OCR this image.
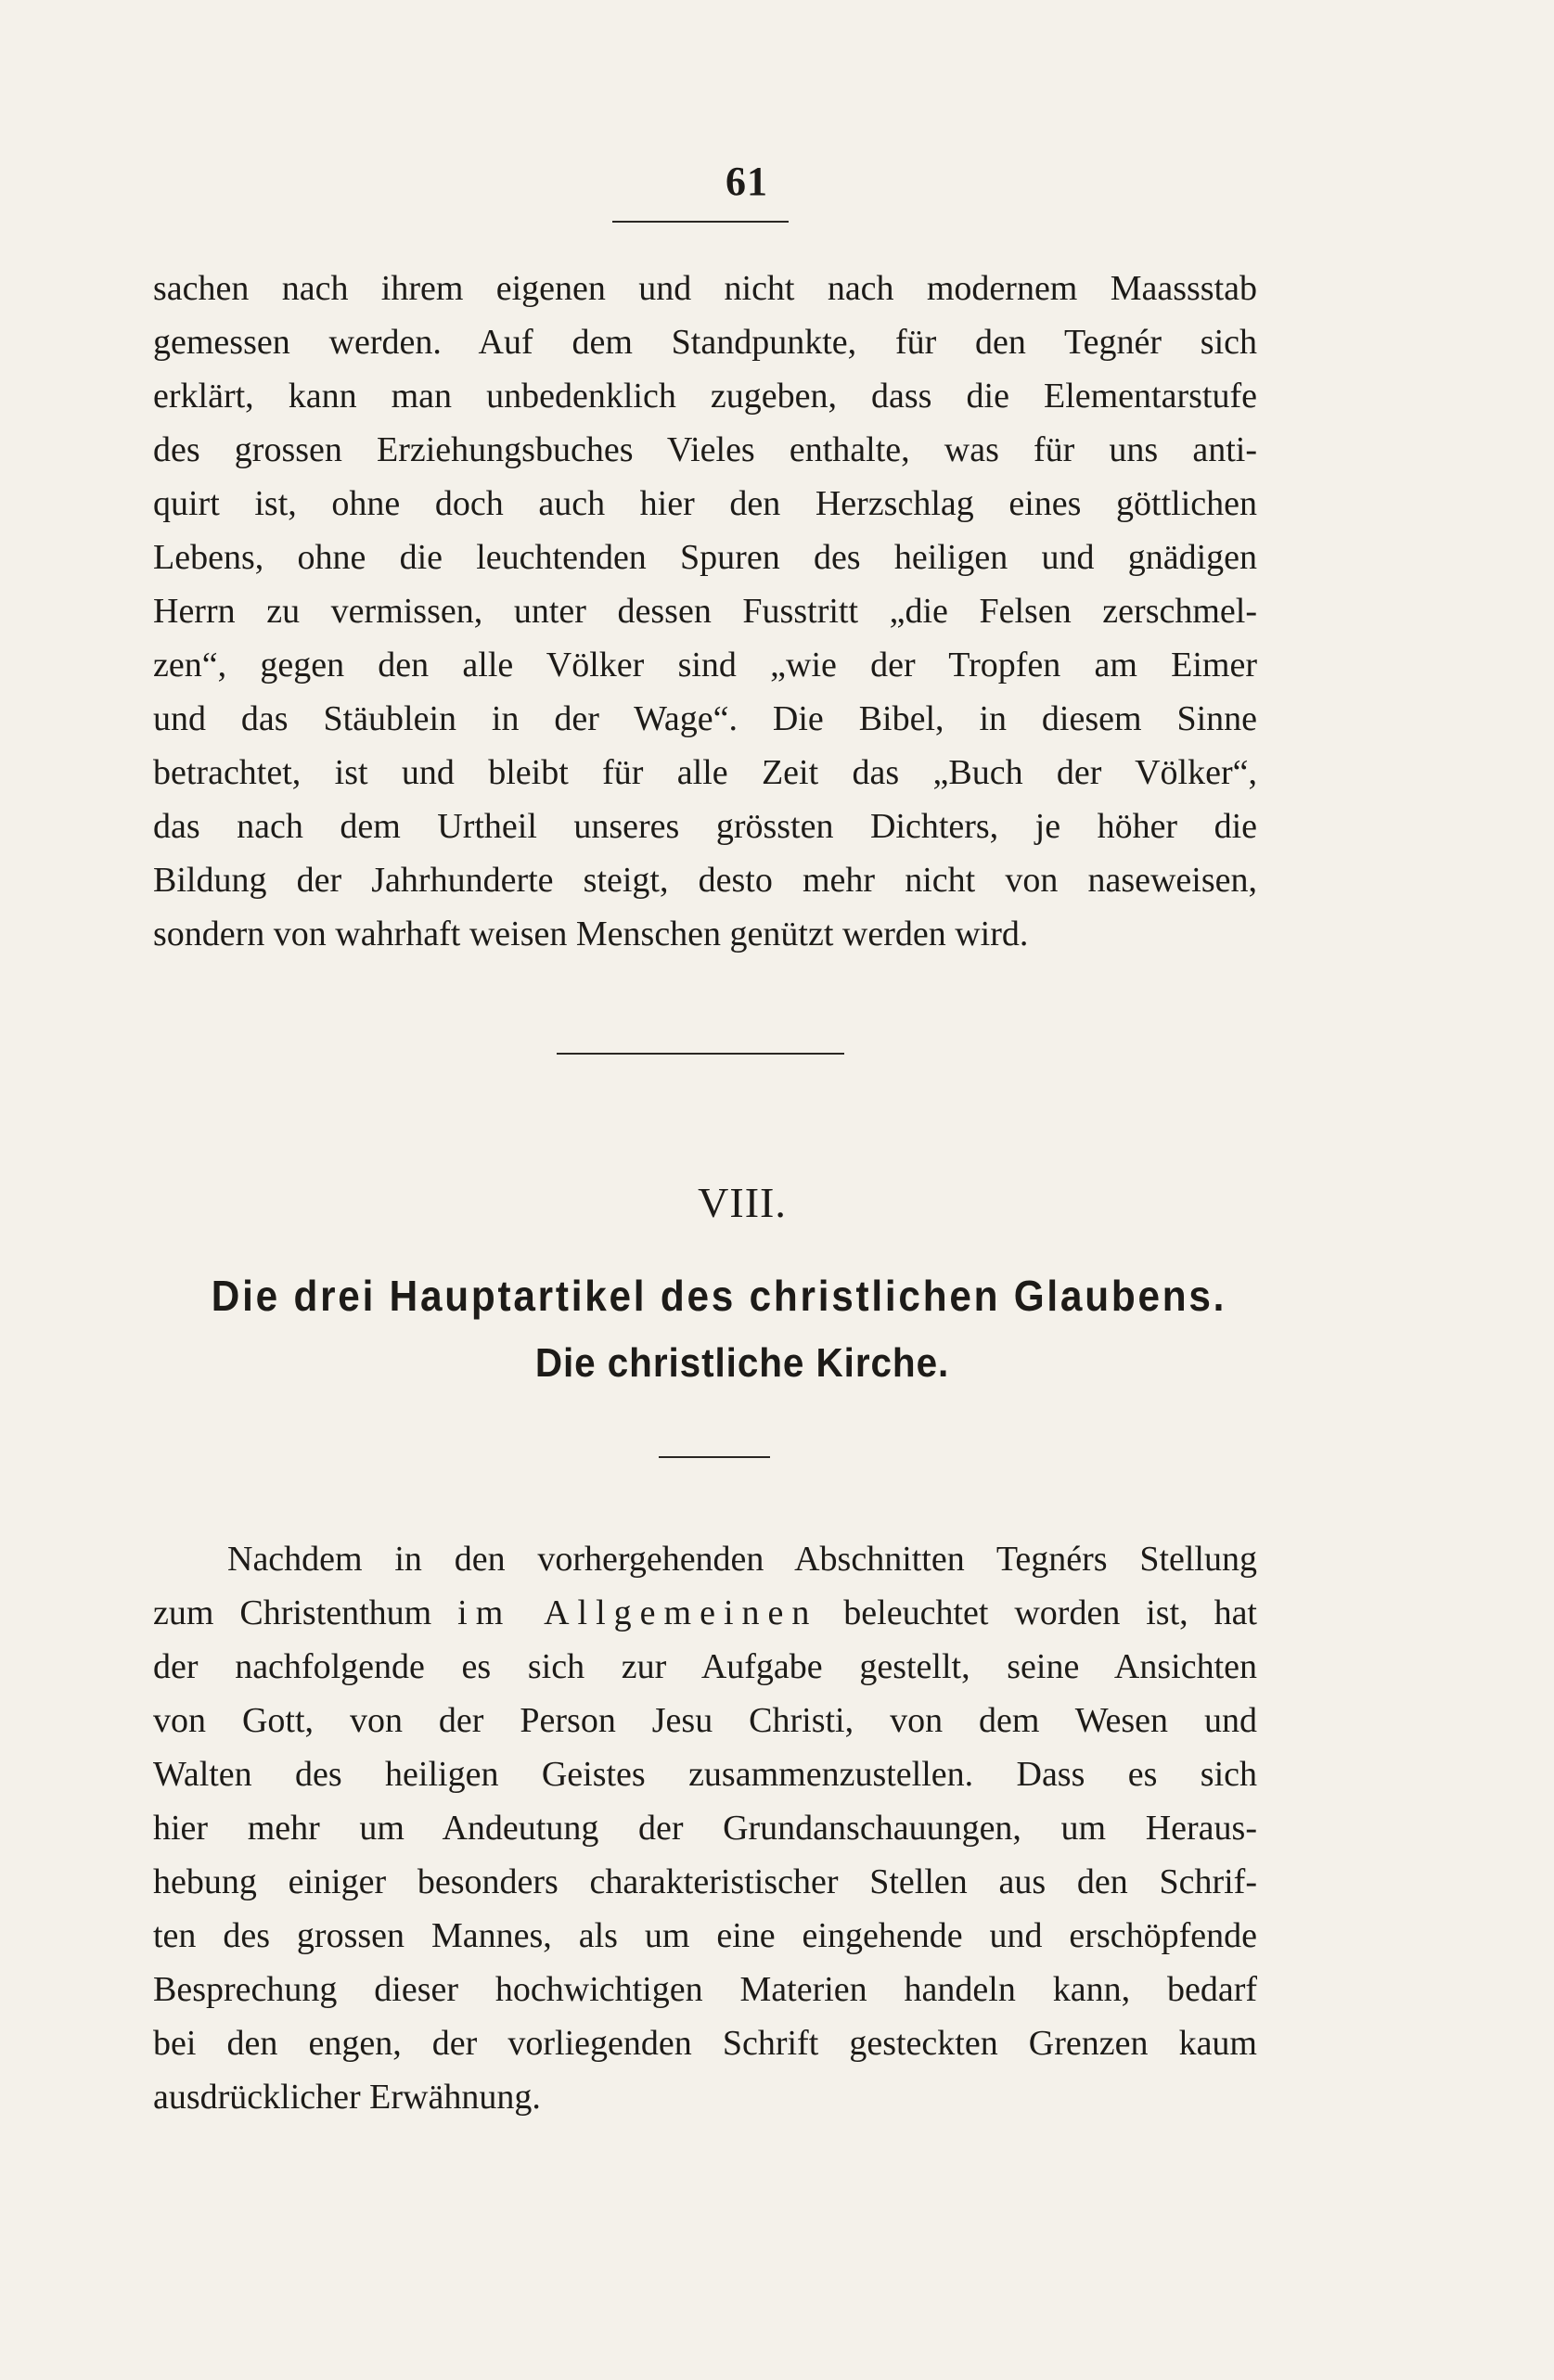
61
sachen nach ihrem eigenen und nicht nach modernem Maassstab
gemessen werden. Auf dem Standpunkte, für den Tegnér sich
erklärt, kann man unbedenklich zugeben, dass die Elementarstufe
des grossen Erziehungsbuches Vieles enthalte, was für uns anti-
quirt ist, ohne doch auch hier den Herzschlag eines göttlichen
Lebens, ohne die leuchtenden Spuren des heiligen und gnädigen
Herrn zu vermissen, unter dessen Fusstritt „die Felsen zerschmel-
zen“, gegen den alle Völker sind „wie der Tropfen am Eimer
und das Stäublein in der Wage“. Die Bibel, in diesem Sinne
betrachtet, ist und bleibt für alle Zeit das „Buch der Völker“,
das nach dem Urtheil unseres grössten Dichters, je höher die
Bildung der Jahrhunderte steigt, desto mehr nicht von naseweisen,
sondern von wahrhaft weisen Menschen genützt werden wird.
VIII.
Die drei Hauptartikel des christlichen Glaubens.
Die christliche Kirche.
Nachdem in den vorhergehenden Abschnitten Tegnérs Stellung
zum Christenthum im Allgemeinen beleuchtet worden ist, hat
der nachfolgende es sich zur Aufgabe gestellt, seine Ansichten
von Gott, von der Person Jesu Christi, von dem Wesen und
Walten des heiligen Geistes zusammenzustellen. Dass es sich
hier mehr um Andeutung der Grundanschauungen, um Heraus-
hebung einiger besonders charakteristischer Stellen aus den Schrif-
ten des grossen Mannes, als um eine eingehende und erschöpfende
Besprechung dieser hochwichtigen Materien handeln kann, bedarf
bei den engen, der vorliegenden Schrift gesteckten Grenzen kaum
ausdrücklicher Erwähnung.
